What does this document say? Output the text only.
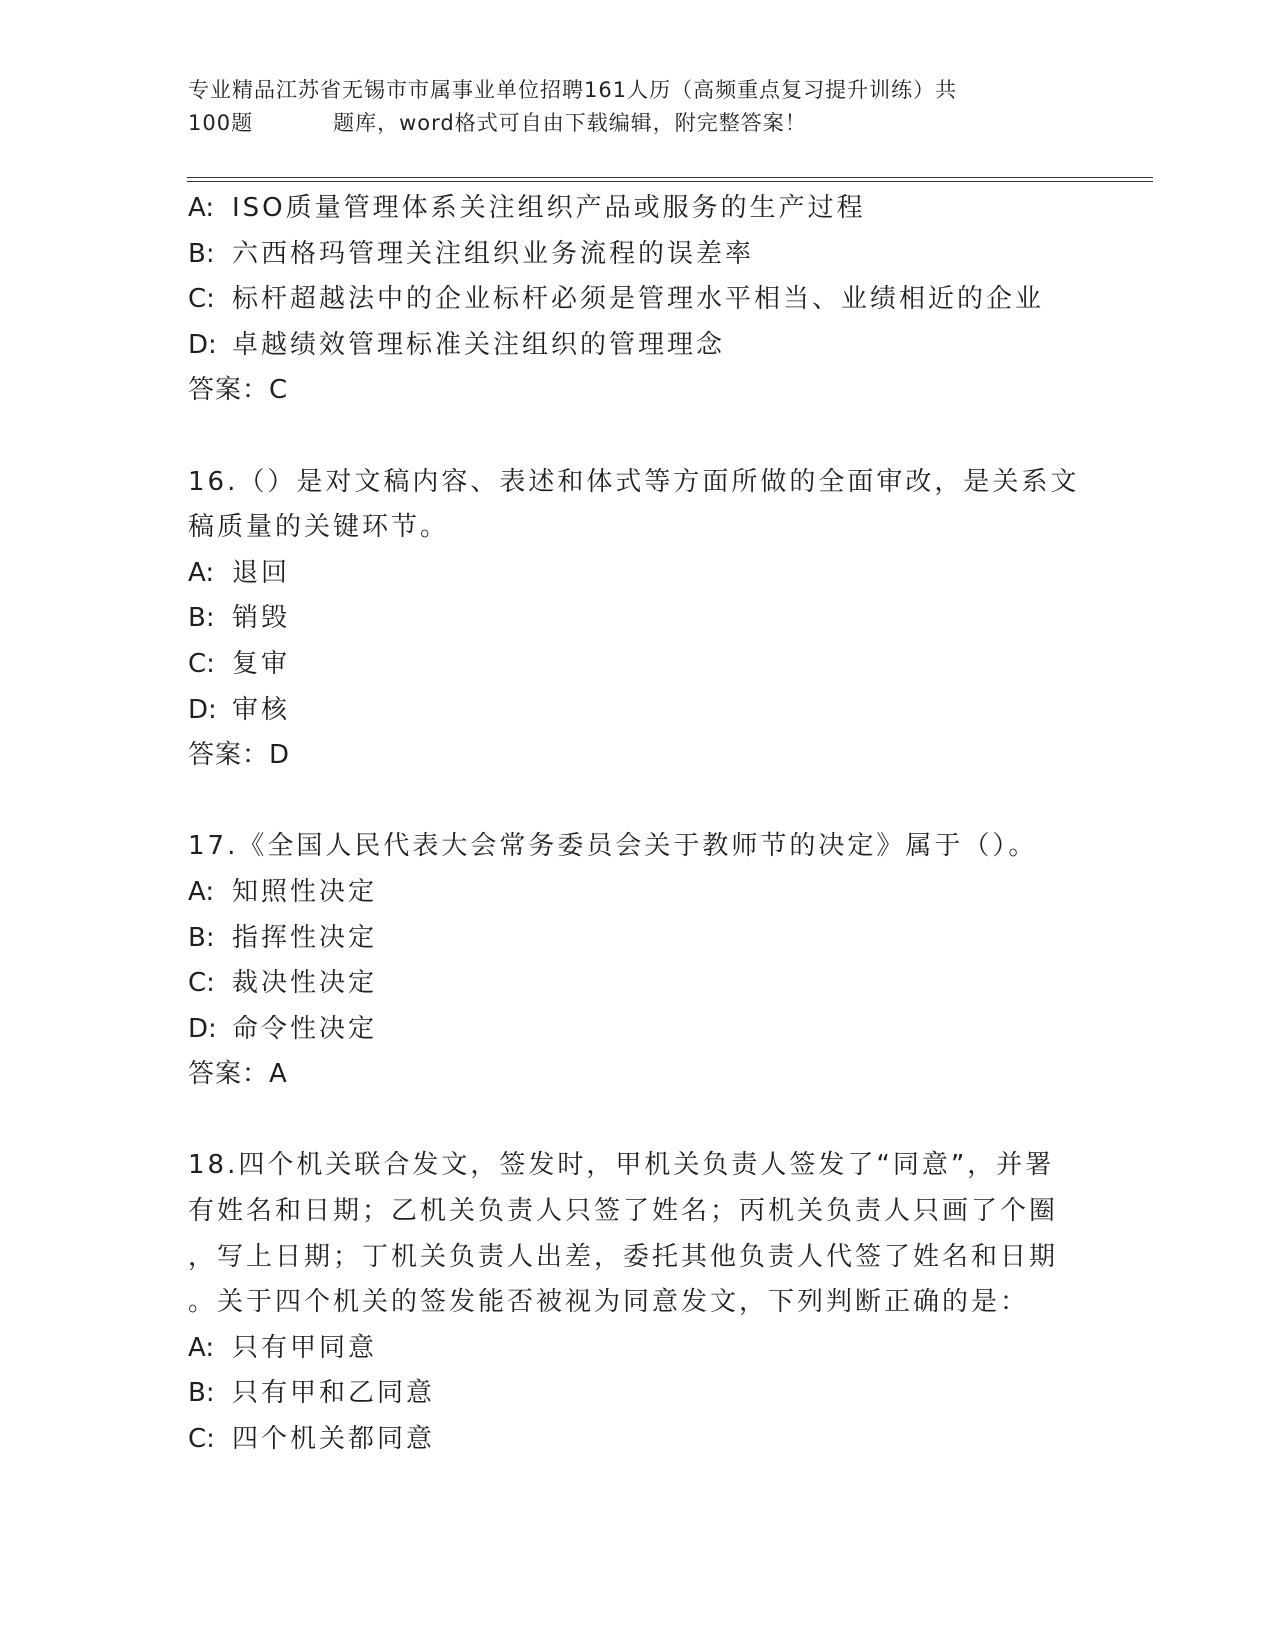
专业精品江苏省无锡市市属事业单位招聘161人历（高频重点复习提升训练）共
100题	题库，word格式可自由下载编辑，附完整答案！
A: ISO质量管理体系关注组织产品或服务的生产过程
B: 六西格玛管理关注组织业务流程的误差率
C: 标杆超越法中的企业标杆必须是管理水平相当、业绩相近的企业
D: 卓越绩效管理标准关注组织的管理理念
答案：C
16.（）是对文稿内容、表述和体式等方面所做的全面审改，是关系文
稿质量的关键环节。
A: 退回
B: 销毁
C: 复审
D: 审核
答案：D
17.《全国人民代表大会常务委员会关于教师节的决定》属于（）。
A: 知照性决定
B: 指挥性决定
C: 裁决性决定
D: 命令性决定
答案：A
18.四个机关联合发文，签发时，甲机关负责人签发了“同意”，并署
有姓名和日期；乙机关负责人只签了姓名；丙机关负责人只画了个圈
，写上日期；丁机关负责人出差，委托其他负责人代签了姓名和日期
。关于四个机关的签发能否被视为同意发文，下列判断正确的是：
A: 只有甲同意
B: 只有甲和乙同意
C: 四个机关都同意
